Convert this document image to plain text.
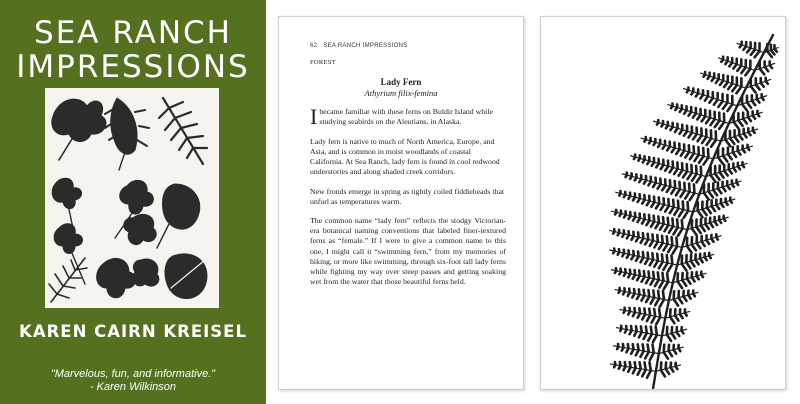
SEA RANCH
IMPRESSIONS

KAREN CAIRN KREISEL

"Marvelous, fun, and informative."
- Karen Wilkinson
62 SEA RANCH IMPRESSIONS
FOREST
Lady Fern
Athyrium filix-femina

Ibecame familiar with these ferns on Buldir Island while studying seabirds on the Aleutians, in Alaska.

Lady fern is native to much of North America, Europe, and Asia, and is common in moist woodlands of coastal California. At Sea Ranch, lady fern is found in cool redwood understories and along shaded creek corridors.

New fronds emerge in spring as tightly coiled fiddleheads that unfurl as temperatures warm.

The common name “lady fern” reflects the stodgy Victorian-era botanical naming conventions that labeled finer-textured ferns as “female.” If I were to give a common name to this one, I might call it “swimming fern,” from my memories of hiking, or more like swimming, through six-foot tall lady ferns while fighting my way over steep passes and getting soaking wet from the water that those beautiful ferns held.
